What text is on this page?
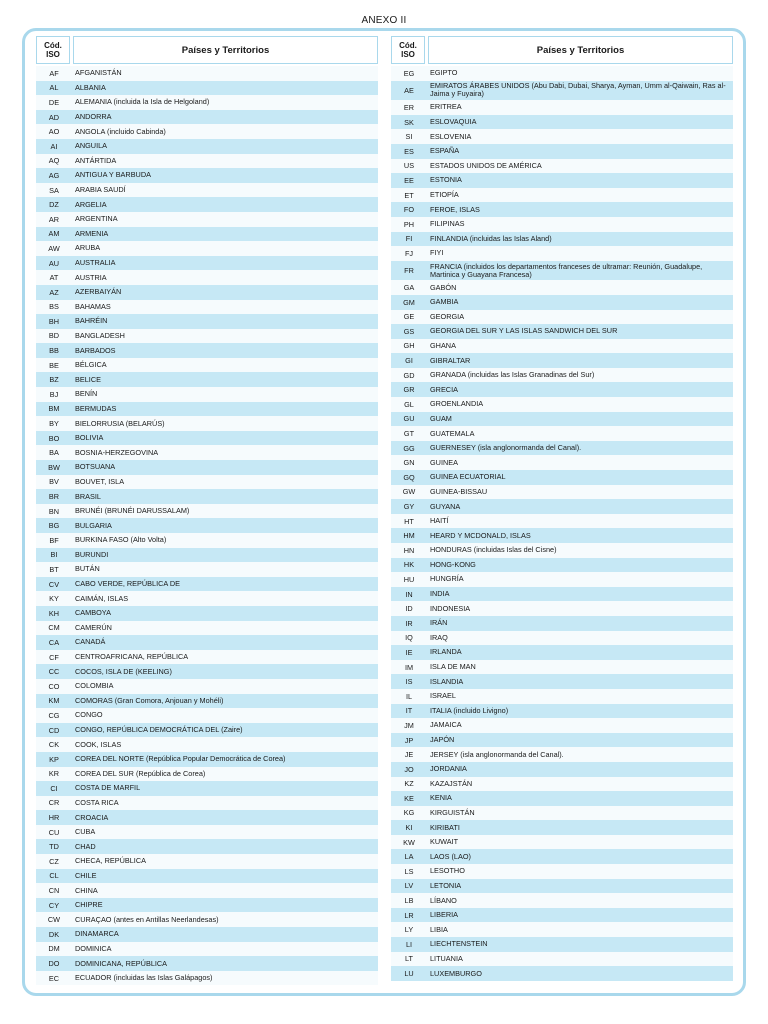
ANEXO II
Cód. ISO	Países y Territorios
AF	AFGANISTÁN
AL	ALBANIA
DE	ALEMANIA (incluida la Isla de Helgoland)
AD	ANDORRA
AO	ANGOLA (incluido Cabinda)
AI	ANGUILA
AQ	ANTÁRTIDA
AG	ANTIGUA Y BARBUDA
SA	ARABIA SAUDÍ
DZ	ARGELIA
AR	ARGENTINA
AM	ARMENIA
AW	ARUBA
AU	AUSTRALIA
AT	AUSTRIA
AZ	AZERBAIYÁN
BS	BAHAMAS
BH	BAHRÉIN
BD	BANGLADESH
BB	BARBADOS
BE	BÉLGICA
BZ	BELICE
BJ	BENÍN
BM	BERMUDAS
BY	BIELORRUSIA (BELARÚS)
BO	BOLIVIA
BA	BOSNIA-HERZEGOVINA
BW	BOTSUANA
BV	BOUVET, ISLA
BR	BRASIL
BN	BRUNÉI (BRUNÉI DARUSSALAM)
BG	BULGARIA
BF	BURKINA FASO (Alto Volta)
BI	BURUNDI
BT	BUTÁN
CV	CABO VERDE, REPÚBLICA DE
KY	CAIMÁN, ISLAS
KH	CAMBOYA
CM	CAMERÚN
CA	CANADÁ
CF	CENTROAFRICANA, REPÚBLICA
CC	COCOS, ISLA DE (KEELING)
CO	COLOMBIA
KM	COMORAS (Gran Comora, Anjouan y Mohéli)
CG	CONGO
CD	CONGO, REPÚBLICA DEMOCRÁTICA DEL (Zaire)
CK	COOK, ISLAS
KP	COREA DEL NORTE (República Popular Democrática de Corea)
KR	COREA DEL SUR (República de Corea)
CI	COSTA DE MARFIL
CR	COSTA RICA
HR	CROACIA
CU	CUBA
TD	CHAD
CZ	CHECA, REPÚBLICA
CL	CHILE
CN	CHINA
CY	CHIPRE
CW	CURAÇAO (antes en Antillas Neerlandesas)
DK	DINAMARCA
DM	DOMINICA
DO	DOMINICANA, REPÚBLICA
EC	ECUADOR (incluidas las Islas Galápagos)
Cód. ISO	Países y Territorios
EG	EGIPTO
AE	EMIRATOS ÁRABES UNIDOS (Abu Dabi, Dubai, Sharya, Ayman, Umm al-Qaiwain, Ras al-Jaima y Fuyaira)
ER	ERITREA
SK	ESLOVAQUIA
SI	ESLOVENIA
ES	ESPAÑA
US	ESTADOS UNIDOS DE AMÉRICA
EE	ESTONIA
ET	ETIOPÍA
FO	FEROE, ISLAS
PH	FILIPINAS
FI	FINLANDIA (incluidas las Islas Aland)
FJ	FIYI
FR	FRANCIA (incluidos los departamentos franceses de ultramar: Reunión, Guadalupe, Martinica y Guayana Francesa)
GA	GABÓN
GM	GAMBIA
GE	GEORGIA
GS	GEORGIA DEL SUR Y LAS ISLAS SANDWICH DEL SUR
GH	GHANA
GI	GIBRALTAR
GD	GRANADA (incluidas las Islas Granadinas del Sur)
GR	GRECIA
GL	GROENLANDIA
GU	GUAM
GT	GUATEMALA
GG	GUERNESEY (isla anglonormanda del Canal).
GN	GUINEA
GQ	GUINEA ECUATORIAL
GW	GUINEA-BISSAU
GY	GUYANA
HT	HAITÍ
HM	HEARD Y MCDONALD, ISLAS
HN	HONDURAS (incluidas Islas del Cisne)
HK	HONG-KONG
HU	HUNGRÍA
IN	INDIA
ID	INDONESIA
IR	IRÁN
IQ	IRAQ
IE	IRLANDA
IM	ISLA DE MAN
IS	ISLANDIA
IL	ISRAEL
IT	ITALIA (incluido Livigno)
JM	JAMAICA
JP	JAPÓN
JE	JERSEY (isla anglonormanda del Canal).
JO	JORDANIA
KZ	KAZAJSTÁN
KE	KENIA
KG	KIRGUISTÁN
KI	KIRIBATI
KW	KUWAIT
LA	LAOS (LAO)
LS	LESOTHO
LV	LETONIA
LB	LÍBANO
LR	LIBERIA
LY	LIBIA
LI	LIECHTENSTEIN
LT	LITUANIA
LU	LUXEMBURGO
